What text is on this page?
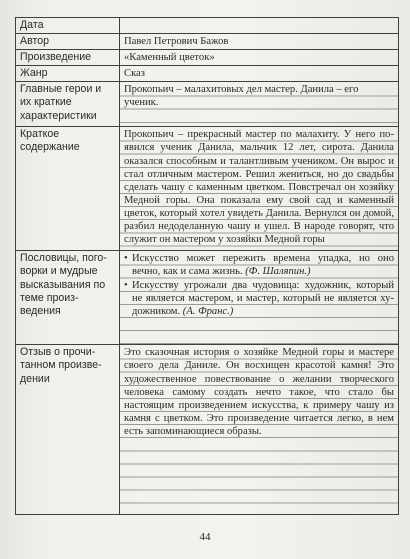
Дата	
Автор	Павел Петрович Бажов
Произведение	«Каменный цветок»
Жанр	Сказ
Главные герои и их краткие характеристики	Прокопьич – малахитовых дел мастер. Данила – его ученик.
Краткое содержание	Прокопьич – прекрасный мастер по малахиту. У него появился ученик Данила, мальчик 12 лет, сирота. Данила оказался способным и талантливым учеником. Он вырос и стал отличным мастером. Решил жениться, но до свадьбы сделать чашу с каменным цветком. Повстречал он хозяйку Медной горы. Она показала ему свой сад и каменный цветок, который хотел увидеть Данила. Вернулся он домой, разбил недоделанную чашу и ушел. В народе говорят, что служит он мастером у хозяйки Медной горы
Пословицы, поговорки и мудрые высказывания по теме произведения	• Искусство может пережить времена упадка, но оно вечно, как и сама жизнь. (Ф. Шаляпин.)
• Искусству угрожали два чудовища: художник, который не является мастером, и мастер, который не является художником. (А. Франс.)

Отзыв о прочитанном произведении	Это сказочная история о хозяйке Медной горы и мастере своего дела Даниле. Он восхищен красотой камня! Это художественное повествование о желании творческого человека самому создать нечто такое, что стало бы настоящим произведением искусства, к примеру чашу из камня с цветком. Это произведение читается легко, в нем есть запоминающиеся образы.
44
